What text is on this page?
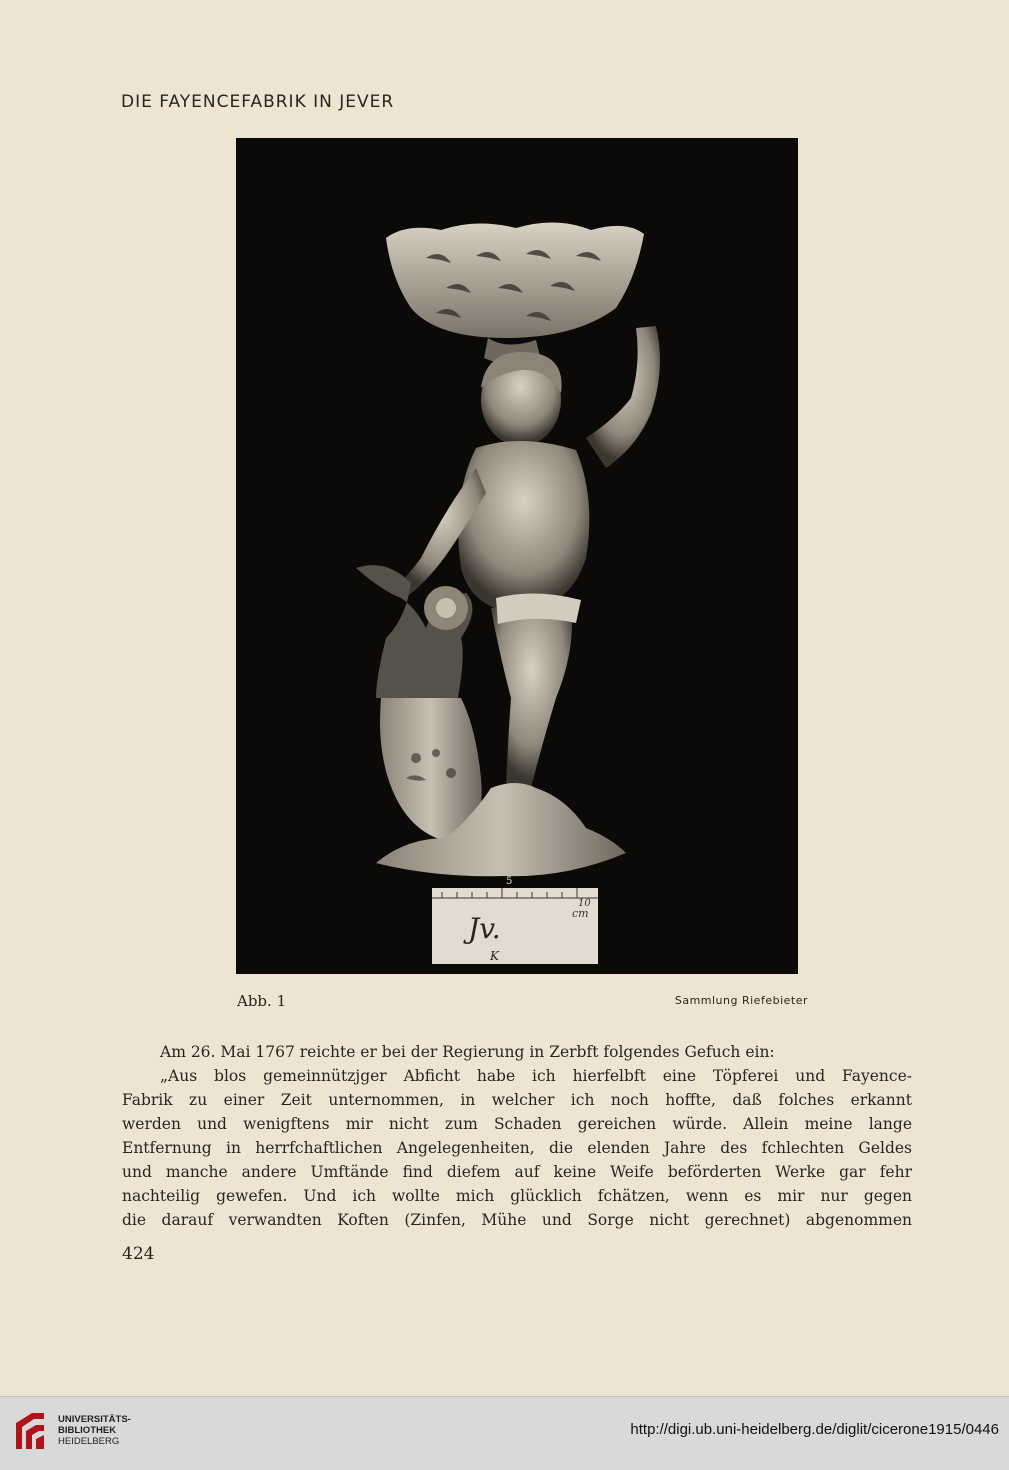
DIE FAYENCEFABRIK IN JEVER
5
10
cm
Jv.
K
Abb. 1	Sammlung Riefebieter
Am 26. Mai 1767 reichte er bei der Regierung in Zerbft folgendes Gefuch ein:
„Aus blos gemeinnützjger Abficht habe ich hierfelbft eine Töpferei und Fayence-
Fabrik zu einer Zeit unternommen, in welcher ich noch hoffte, daß folches erkannt
werden und wenigftens mir nicht zum Schaden gereichen würde. Allein meine lange
Entfernung in herrfchaftlichen Angelegenheiten, die elenden Jahre des fchlechten Geldes
und manche andere Umftände find diefem auf keine Weife beförderten Werke gar fehr
nachteilig gewefen. Und ich wollte mich glücklich fchätzen, wenn es mir nur gegen
die darauf verwandten Koften (Zinfen, Mühe und Sorge nicht gerechnet) abgenommen
424
UNIVERSITÄTS-
BIBLIOTHEK
HEIDELBERG
http://digi.ub.uni-heidelberg.de/diglit/cicerone1915/0446
